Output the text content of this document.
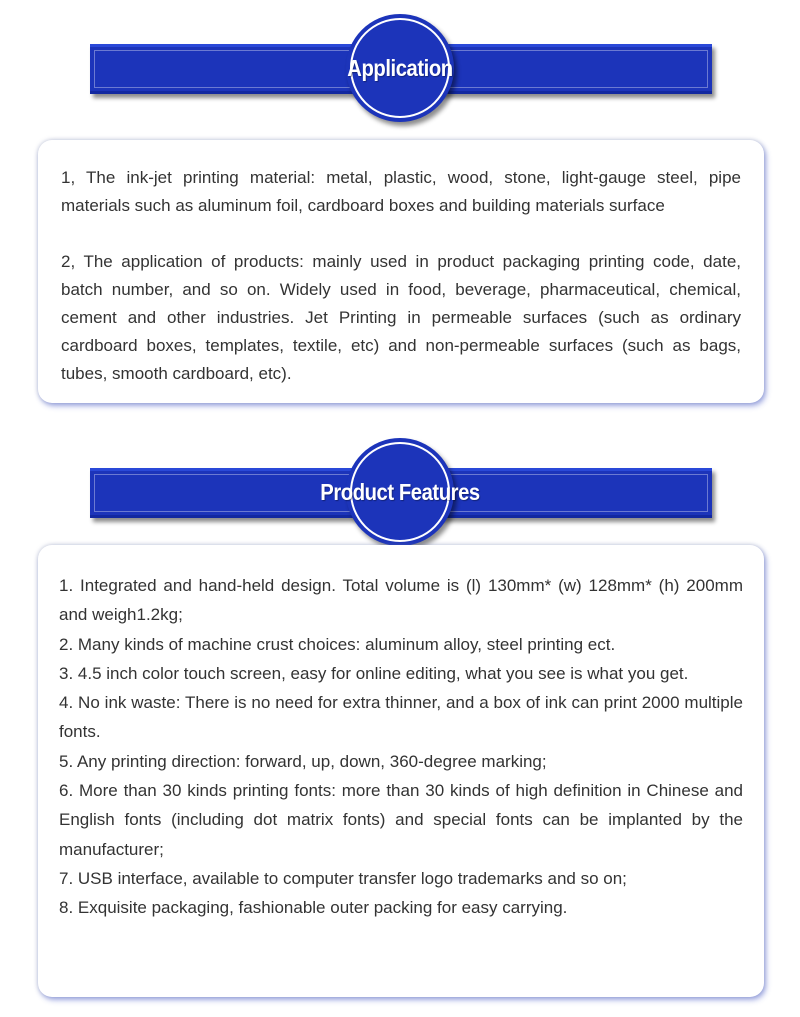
Application

1, The ink-jet printing material: metal, plastic, wood, stone, light-gauge steel, pipe materials such as aluminum foil, cardboard boxes and building materials surface

2, The application of products: mainly used in product packaging printing code, date, batch number, and so on. Widely used in food, beverage, pharmaceutical, chemical, cement and other industries. Jet Printing in permeable surfaces (such as ordinary cardboard boxes, templates, textile, etc) and non-permeable surfaces (such as bags, tubes, smooth cardboard, etc).

Product Features

1. Integrated and hand-held design. Total volume is (l) 130mm* (w) 128mm* (h) 200mm and weigh1.2kg;

2. Many kinds of machine crust choices: aluminum alloy, steel printing ect.

3. 4.5 inch color touch screen, easy for online editing, what you see is what you get.

4. No ink waste: There is no need for extra thinner, and a box of ink can print 2000 multiple fonts.

5. Any printing direction: forward, up, down, 360-degree marking;

6. More than 30 kinds printing fonts: more than 30 kinds of high definition in Chinese and English fonts (including dot matrix fonts) and special fonts can be implanted by the manufacturer;

7. USB interface, available to computer transfer logo trademarks and so on;

8. Exquisite packaging, fashionable outer packing for easy carrying.
